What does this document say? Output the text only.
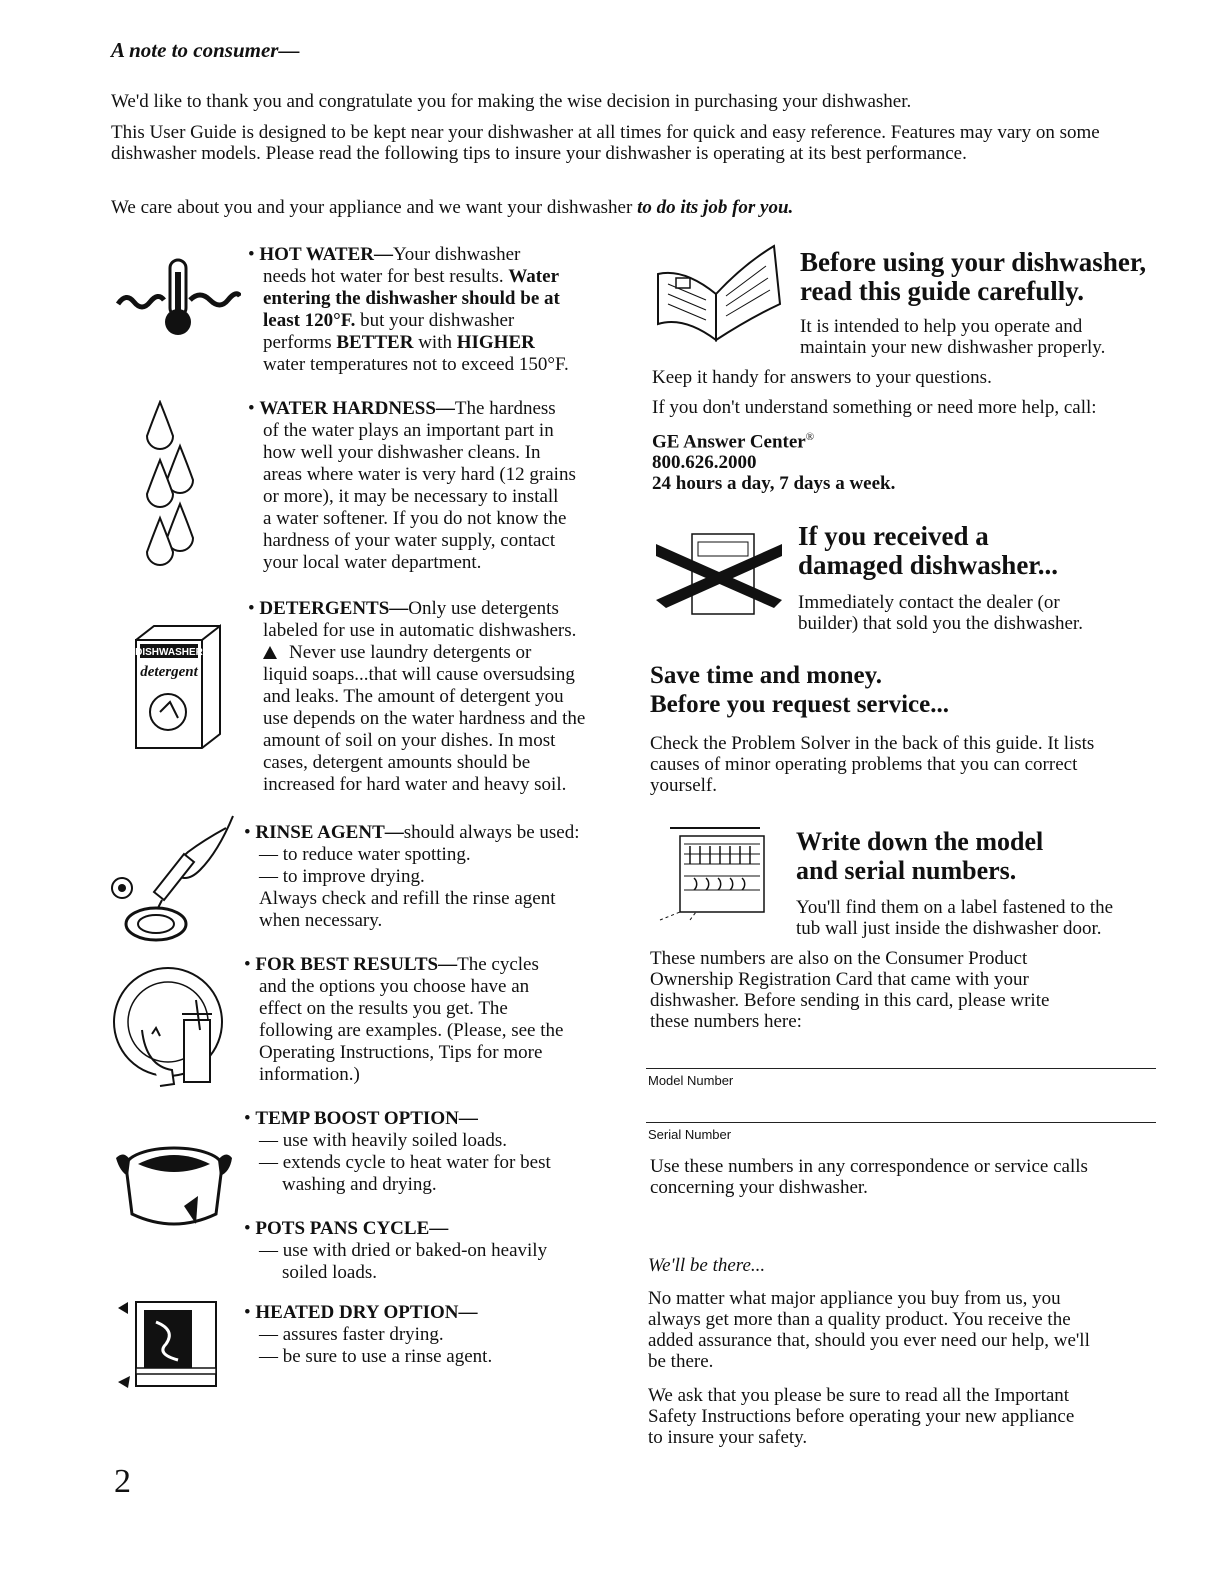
A note to consumer—

We'd like to thank you and congratulate you for making the wise decision in purchasing your dishwasher.

This User Guide is designed to be kept near your dishwasher at all times for quick and easy reference. Features may vary on some dishwasher models. Please read the following tips to insure your dishwasher is operating at its best performance.

We care about you and your appliance and we want your dishwasher to do its job for you.

• HOT WATER—Your dishwasher
needs hot water for best results. Water
entering the dishwasher should be at
least 120°F. but your dishwasher
performs BETTER with HIGHER
water temperatures not to exceed 150°F.
• WATER HARDNESS—The hardness
of the water plays an important part in
how well your dishwasher cleans. In
areas where water is very hard (12 grains
or more), it may be necessary to install
a water softener. If you do not know the
hardness of your water supply, contact
your local water department.
DISHWASHER
detergent
• DETERGENTS—Only use detergents
labeled for use in automatic dishwashers.
Never use laundry detergents or
liquid soaps...that will cause oversudsing
and leaks. The amount of detergent you
use depends on the water hardness and the
amount of soil on your dishes. In most
cases, detergent amounts should be
increased for hard water and heavy soil.
• RINSE AGENT—should always be used:
— to reduce water spotting.
— to improve drying.
Always check and refill the rinse agent
when necessary.
• FOR BEST RESULTS—The cycles
and the options you choose have an
effect on the results you get. The
following are examples. (Please, see the
Operating Instructions, Tips for more
information.)
• TEMP BOOST OPTION—
— use with heavily soiled loads.
— extends cycle to heat water for best
washing and drying.
• POTS PANS CYCLE—
— use with dried or baked-on heavily
soiled loads.
• HEATED DRY OPTION—
— assures faster drying.
— be sure to use a rinse agent.
2
Before using your dishwasher,
read this guide carefully.
It is intended to help you operate and
maintain your new dishwasher properly.

Keep it handy for answers to your questions.

If you don't understand something or need more help, call:

GE Answer Center®
800.626.2000
24 hours a day, 7 days a week.
If you received a
damaged dishwasher...
Immediately contact the dealer (or
builder) that sold you the dishwasher.
Save time and money.
Before you request service...
Check the Problem Solver in the back of this guide. It lists
causes of minor operating problems that you can correct
yourself.
Write down the model
and serial numbers.
You'll find them on a label fastened to the
tub wall just inside the dishwasher door.
These numbers are also on the Consumer Product
Ownership Registration Card that came with your
dishwasher. Before sending in this card, please write
these numbers here:
Model Number
Serial Number
Use these numbers in any correspondence or service calls
concerning your dishwasher.
We'll be there...
No matter what major appliance you buy from us, you
always get more than a quality product. You receive the
added assurance that, should you ever need our help, we'll
be there.
We ask that you please be sure to read all the Important
Safety Instructions before operating your new appliance
to insure your safety.
